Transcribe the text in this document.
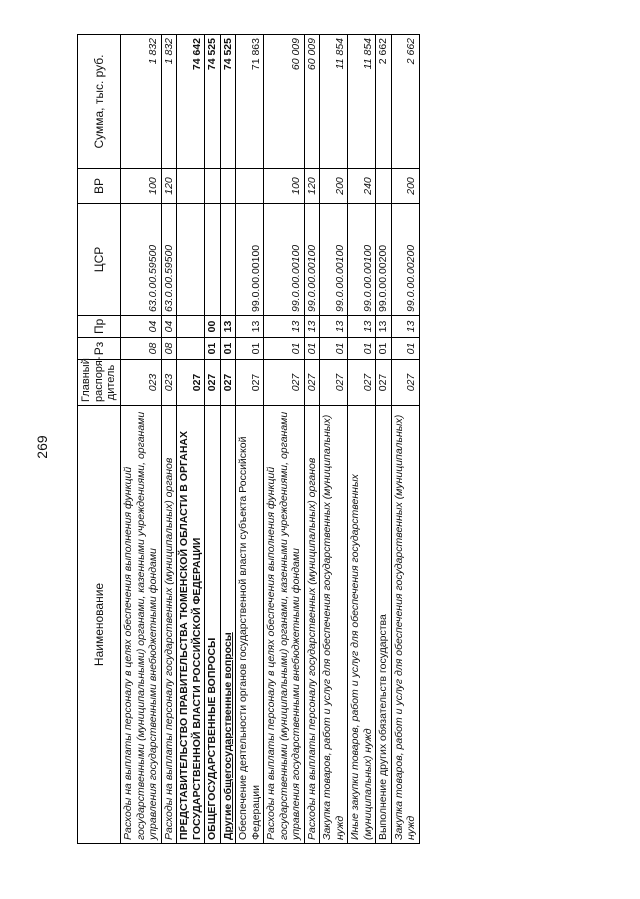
269
Наименование	Главный распоря-дитель	Рз	Пр	ЦСР	ВР	Сумма, тыс. руб.
Расходы на выплаты персоналу в целях обеспечения выполнения функций государственными (муниципальными) органами, казенными учреждениями, органами управления государственными внебюджетными фондами	023	08	04	63.0.00.59500	100	1 832
Расходы на выплаты персоналу государственных (муниципальных) органов	023	08	04	63.0.00.59500	120	1 832
ПРЕДСТАВИТЕЛЬСТВО ПРАВИТЕЛЬСТВА ТЮМЕНСКОЙ ОБЛАСТИ В ОРГАНАХ ГОСУДАРСТВЕННОЙ ВЛАСТИ РОССИЙСКОЙ ФЕДЕРАЦИИ	027					74 642
ОБЩЕГОСУДАРСТВЕННЫЕ ВОПРОСЫ	027	01	00			74 525
Другие общегосударственные вопросы	027	01	13			74 525
Обеспечение деятельности органов государственной власти субъекта Российской Федерации	027	01	13	99.0.00.00100		71 863
Расходы на выплаты персоналу в целях обеспечения выполнения функций государственными (муниципальными) органами, казенными учреждениями, органами управления государственными внебюджетными фондами	027	01	13	99.0.00.00100	100	60 009
Расходы на выплаты персоналу государственных (муниципальных) органов	027	01	13	99.0.00.00100	120	60 009
Закупка товаров, работ и услуг для обеспечения государственных (муниципальных) нужд	027	01	13	99.0.00.00100	200	11 854
Иные закупки товаров, работ и услуг для обеспечения государственных (муниципальных) нужд	027	01	13	99.0.00.00100	240	11 854
Выполнение других обязательств государства	027	01	13	99.0.00.00200		2 662
Закупка товаров, работ и услуг для обеспечения государственных (муниципальных) нужд	027	01	13	99.0.00.00200	200	2 662
